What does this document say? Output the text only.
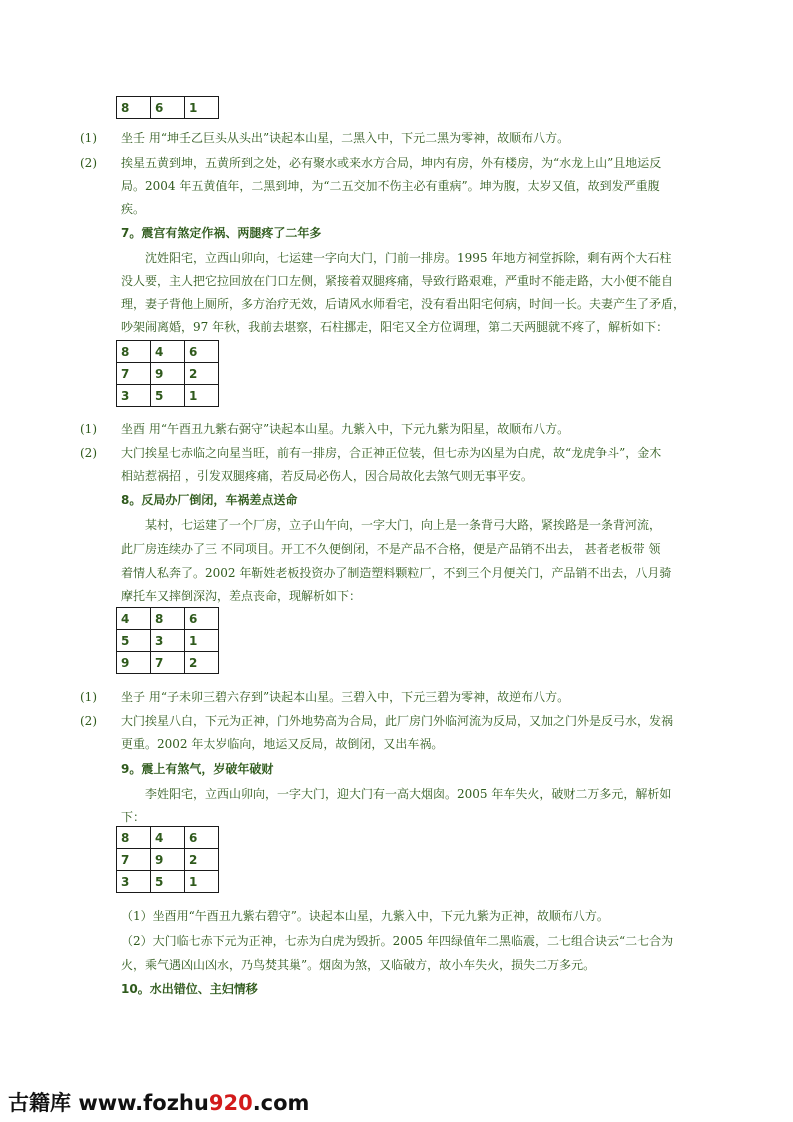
8	6	1
(1) 坐壬 用“坤壬乙巨头从头出”诀起本山星，二黑入中，下元二黑为零神，故顺布八方。
(2) 挨星五黄到坤，五黄所到之处，必有聚水或来水方合局，坤内有房，外有楼房，为“水龙上山”且地运反
局。2004 年五黄值年，二黑到坤，为“二五交加不伤主必有重病”。坤为腹，太岁又值，故到发严重腹
疾。
7。震宫有煞定作祸、两腿疼了二年多
沈姓阳宅，立西山卯向，七运建一字向大门，门前一排房。1995 年地方祠堂拆除，剩有两个大石柱
没人要，主人把它拉回放在门口左侧，紧接着双腿疼痛，导致行路艰难，严重时不能走路，大小便不能自
理，妻子背他上厕所，多方治疗无效，后请风水师看宅，没有看出阳宅何病，时间一长。夫妻产生了矛盾，
吵架闹离婚，97 年秋，我前去堪察，石柱挪走，阳宅又全方位调理，第二天两腿就不疼了，解析如下：
8	4	6
7	9	2
3	5	1
(1) 坐酉 用“午酉丑九紫右弼守”诀起本山星。九紫入中，下元九紫为阳星，故顺布八方。
(2) 大门挨星七赤临之向星当旺，前有一排房，合正神正位装，但七赤为凶星为白虎，故“龙虎争斗”，金木
相站惹祸招 ，引发双腿疼痛，若反局必伤人，因合局故化去煞气则无事平安。
8。反局办厂倒闭，车祸差点送命
某村，七运建了一个厂房，立子山午向，一字大门，向上是一条背弓大路，紧挨路是一条背河流，
此厂房连续办了三 不同项目。开工不久便倒闭，不是产品不合格，便是产品销不出去， 甚者老板带 领
着情人私奔了。2002 年靳姓老板投资办了制造塑料颗粒厂，不到三个月便关门，产品销不出去，八月骑
摩托车又摔倒深沟，差点丧命，现解析如下：
4	8	6
5	3	1
9	7	2
(1) 坐子 用“子未卯三碧六存到”诀起本山星。三碧入中，下元三碧为零神，故逆布八方。
(2) 大门挨星八白，下元为正神，门外地势高为合局，此厂房门外临河流为反局，又加之门外是反弓水，发祸
更重。2002 年太岁临向，地运又反局，故倒闭，又出车祸。
9。震上有煞气，岁破年破财
李姓阳宅，立西山卯向，一字大门，迎大门有一高大烟囱。2005 年车失火，破财二万多元，解析如
下：
8	4	6
7	9	2
3	5	1
（1）坐酉用“午酉丑九紫右碧守”。诀起本山星，九紫入中，下元九紫为正神，故顺布八方。
（2）大门临七赤下元为正神，七赤为白虎为毁折。2005 年四绿值年二黑临震，二七组合诀云“二七合为
火，乘气遇凶山凶水，乃鸟焚其巢”。烟囱为煞，又临破方，故小车失火，损失二万多元。
10。水出错位、主妇情移
古籍库 www.fozhu920.com
